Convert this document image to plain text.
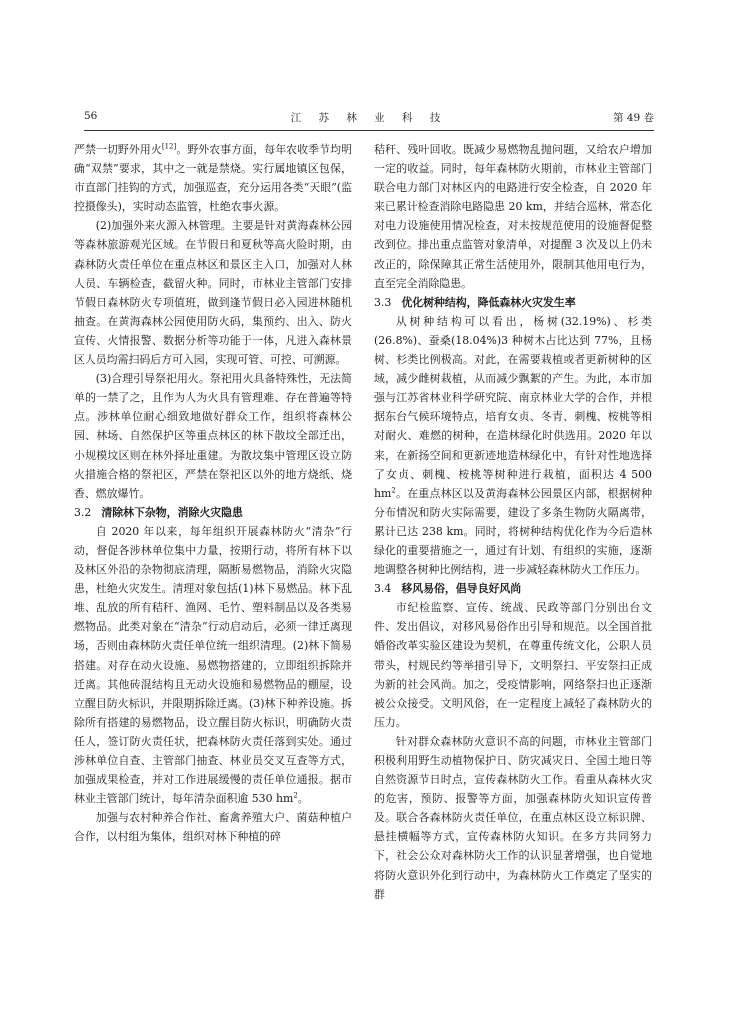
56	江 苏 林 业 科 技	第 49 卷

严禁一切野外用火[12]。野外农事方面，每年农收季节均明确“双禁”要求，其中之一就是禁烧。实行属地镇区包保，市直部门挂钩的方式，加强巡查，充分运用各类“天眼”(监控摄像头)，实时动态监管，杜绝农事火源。

(2)加强外来火源入林管理。主要是针对黄海森林公园等森林旅游观光区域。在节假日和夏秋等高火险时期，由森林防火责任单位在重点林区和景区主入口，加强对人林人员、车辆检查，截留火种。同时，市林业主管部门安排节假日森林防火专项值班，做到逢节假日必入园进林随机抽查。在黄海森林公园使用防火码，集预约、出入、防火宣传、火情报警、数据分析等功能于一体，凡进入森林景区人员均需扫码后方可入园，实现可管、可控、可溯源。

(3)合理引导祭祀用火。祭祀用火具备特殊性，无法简单的一禁了之，且作为人为火具有管理难、存在普遍等特点。涉林单位耐心细致地做好群众工作，组织将森林公园、林场、自然保护区等重点林区的林下散坟全部迁出，小规模坟区则在林外择址重建。为散坟集中管理区设立防火措施合格的祭祀区，严禁在祭祀区以外的地方烧纸、烧香、燃放爆竹。

3.2 清除林下杂物，消除火灾隐患

自 2020 年以来，每年组织开展森林防火“清杂”行动，督促各涉林单位集中力量，按期行动，将所有林下以及林区外沿的杂物彻底清理，隔断易燃物品，消除火灾隐患，杜绝火灾发生。清理对象包括(1)林下易燃品。林下乱堆、乱放的所有秸秆、渔网、毛竹、塑料制品以及各类易燃物品。此类对象在“清杂”行动启动后，必须一律迁离现场，否则由森林防火责任单位统一组织清理。(2)林下简易搭建。对存在动火设施、易燃物搭建的，立即组织拆除并迁离。其他砖混结构且无动火设施和易燃物品的棚屋，设立醒目防火标识，并限期拆除迁离。(3)林下种养设施。拆除所有搭建的易燃物品，设立醒目防火标识，明确防火责任人，签订防火责任状，把森林防火责任落到实处。通过涉林单位自查、主管部门抽查、林业员交叉互查等方式，加强成果检查，并对工作进展缓慢的责任单位通报。据市林业主管部门统计，每年清杂面积逾 530 $hm^2$。

加强与农村种养合作社、畜禽养殖大户、菌菇种植户合作，以村组为集体，组织对林下种植的碎

秸秆、残叶回收。既减少易燃物乱抛问题，又给农户增加一定的收益。同时，每年森林防火期前，市林业主管部门联合电力部门对林区内的电路进行安全检查，自 2020 年来已累计检查消除电路隐患 20 km，并结合巡林，常态化对电力设施使用情况检查，对未按规范使用的设施督促整改到位。排出重点监管对象清单，对提醒 3 次及以上仍未改正的，除保障其正常生活使用外，限制其他用电行为，直至完全消除隐患。

3.3 优化树种结构，降低森林火灾发生率

从树种结构可以看出，杨树(32.19%)、杉类(26.8%)、蚕桑(18.04%)3 种树木占比达到 77%，且杨树、杉类比例极高。对此，在需要栽植或者更新树种的区域，减少雌树栽植，从而减少飘絮的产生。为此，本市加强与江苏省林业科学研究院、南京林业大学的合作，并根据东台气候环境特点，培育女贞、冬青、刺槐、桉桃等相对耐火、难燃的树种，在造林绿化时供选用。2020 年以来，在新扬空间和更新迹地造林绿化中，有针对性地选择了女贞、刺槐、桉桃等树种进行栽植，面积达 4 500 $hm^2$。在重点林区以及黄海森林公园景区内部，根据树种分布情况和防火实际需要，建设了多条生物防火隔离带，累计已达 238 km。同时，将树种结构优化作为今后造林绿化的重要措施之一，通过有计划、有组织的实施，逐渐地调整各树种比例结构，进一步减轻森林防火工作压力。

3.4 移风易俗，倡导良好风尚

市纪检监察、宣传、统战、民政等部门分别出台文件、发出倡议，对移风易俗作出引导和规范。以全国首批婚俗改革实验区建设为契机，在尊重传统文化，公职人员带头，村规民约等举措引导下，文明祭扫、平安祭扫正成为新的社会风尚。加之，受疫情影响，网络祭扫也正逐渐被公众接受。文明风俗，在一定程度上减轻了森林防火的压力。

针对群众森林防火意识不高的问题，市林业主管部门积极利用野生动植物保护日、防灾减灾日、全国土地日等自然资源节日时点，宣传森林防火工作。看重从森林火灾的危害，预防、报警等方面，加强森林防火知识宣传普及。联合各森林防火责任单位，在重点林区设立标识牌、悬挂横幅等方式，宣传森林防火知识。在多方共同努力下，社会公众对森林防火工作的认识显著增强，也自觉地将防火意识外化到行动中，为森林防火工作奠定了坚实的群
